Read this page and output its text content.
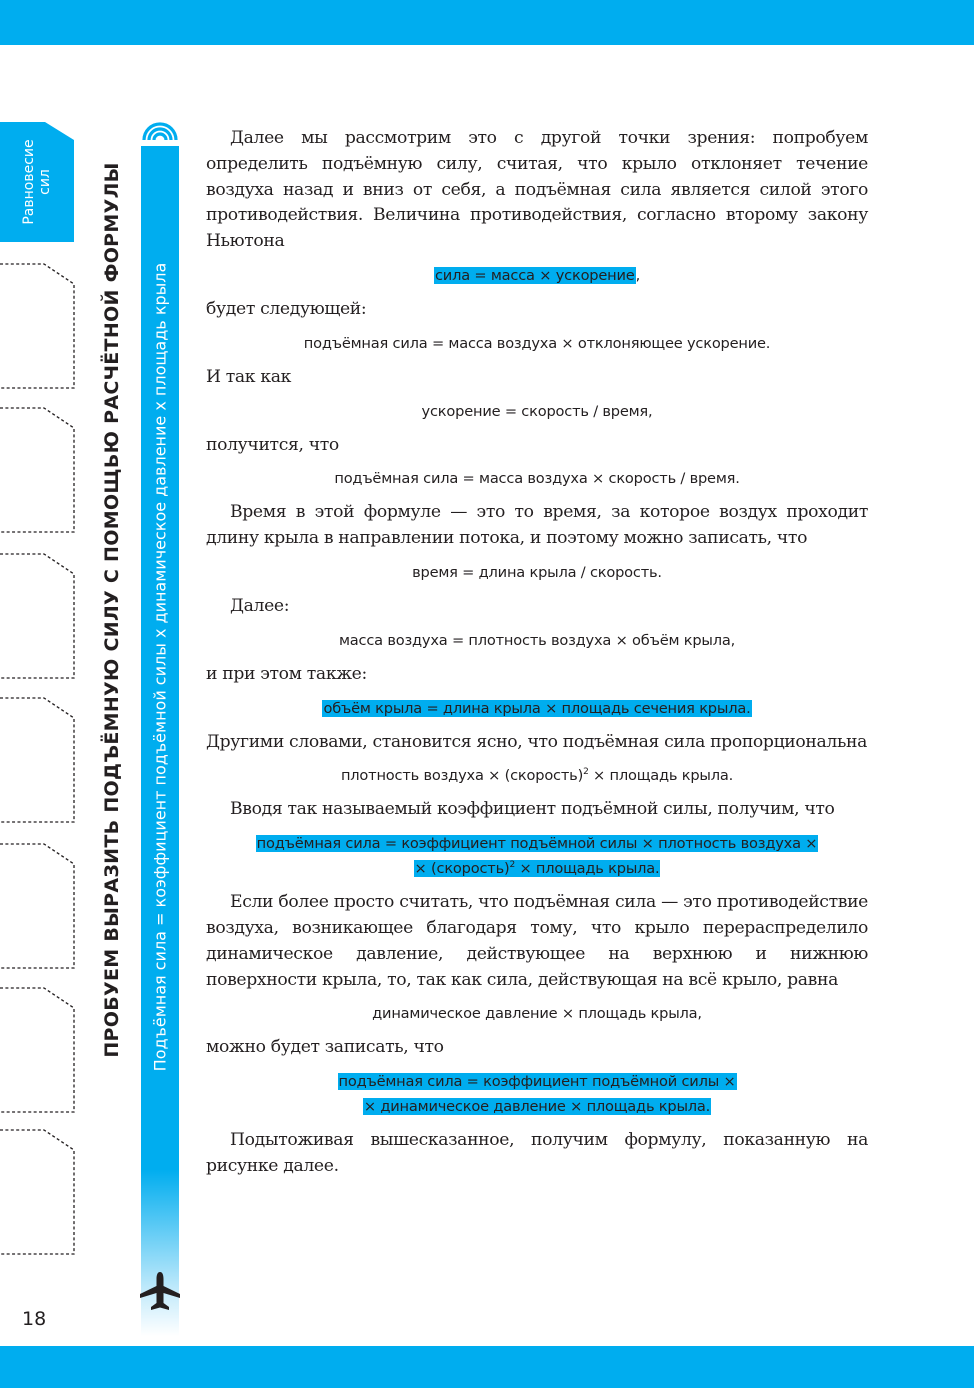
Равновесие сил	ПРОБУЕМ ВЫРАЗИТЬ ПОДЪЁМНУЮ СИЛУ С ПОМОЩЬЮ РАСЧЁТНОЙ ФОРМУЛЫ Подъёмная сила = коэффициент подъёмной силы x динамическое давление x площадь крыла
18

Далее мы рассмотрим это с другой точки зрения: попробуем определить подъёмную силу, считая, что крыло отклоняет течение воздуха назад и вниз от себя, а подъёмная сила является силой этого противодействия. Величина противодействия, согласно второму закону Ньютона

сила = масса × ускорение,

будет следующей:

подъёмная сила = масса воздуха × отклоняющее ускорение.

И так как

ускорение = скорость / время,

получится, что

подъёмная сила = масса воздуха × скорость / время.

Время в этой формуле — это то время, за которое воздух проходит длину крыла в направлении потока, и поэтому можно записать, что

время = длина крыла / скорость.

Далее:

масса воздуха = плотность воздуха × объём крыла,

и при этом также:

объём крыла = длина крыла × площадь сечения крыла.

Другими словами, становится ясно, что подъёмная сила пропорциональна

плотность воздуха × (скорость)$^2$ × площадь крыла.

Вводя так называемый коэффициент подъёмной силы, получим, что

подъёмная сила = коэффициент подъёмной силы × плотность воздуха ×
× (скорость)$^2$ × площадь крыла.

Если более просто считать, что подъёмная сила — это противодействие воздуха, возникающее благодаря тому, что крыло перераспределило динамическое давление, действующее на верхнюю и нижнюю поверхности крыла, то, так как сила, действующая на всё крыло, равна

динамическое давление × площадь крыла,

можно будет записать, что

подъёмная сила = коэффициент подъёмной силы ×
× динамическое давление × площадь крыла.

Подытоживая вышесказанное, получим формулу, показанную на рисунке далее.
